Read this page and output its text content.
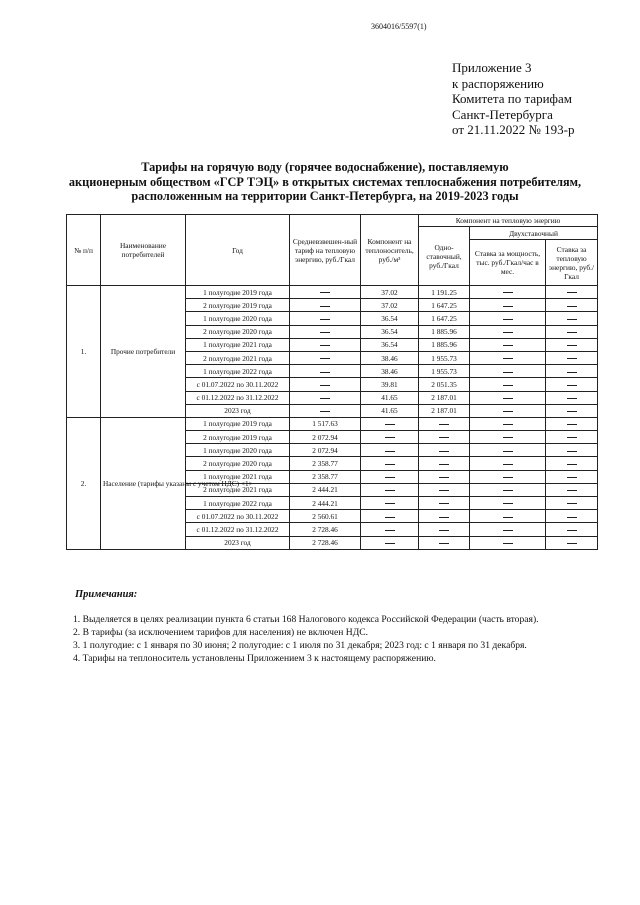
3604016/5597(1)
Приложение 3
к распоряжению
Комитета по тарифам
Санкт-Петербурга
от 21.11.2022 № 193-р
Тарифы на горячую воду (горячее водоснабжение), поставляемую
акционерным обществом «ГСР ТЭЦ» в открытых системах теплоснабжения потребителям,
расположенным на территории Санкт-Петербурга, на 2019-2023 годы
№ п/п	Наименование потребителей	Год	Средневзвешен-ный тариф на тепловую энергию, руб./Гкал	Компонент на теплоноситель, руб./м³	Компонент на тепловую энергию		
					Одно-ставочный, руб./Гкал	Двухставочный	
						Ставка за мощность, тыс. руб./Гкал/час в мес.	Ставка за тепловую энергию, руб./Гкал
1.	Прочие потребители	1 полугодие 2019 года		37.02	1 191.25		
		2 полугодие 2019 года		37.02	1 647.25		
		1 полугодие 2020 года		36.54	1 647.25		
		2 полугодие 2020 года		36.54	1 885.96		
		1 полугодие 2021 года		36.54	1 885.96		
		2 полугодие 2021 года		38.46	1 955.73		
		1 полугодие 2022 года		38.46	1 955.73		
		с 01.07.2022 по 30.11.2022		39.81	2 051.35		
		с 01.12.2022 по 31.12.2022		41.65	2 187.01		
		2023 год		41.65	2 187.01		
2.	Население (тарифы указаны с учетом НДС) <1>	1 полугодие 2019 года	1 517.63				
		2 полугодие 2019 года	2 072.94				
		1 полугодие 2020 года	2 072.94				
		2 полугодие 2020 года	2 358.77				
		1 полугодие 2021 года	2 358.77				
		2 полугодие 2021 года	2 444.21				
		1 полугодие 2022 года	2 444.21				
		с 01.07.2022 по 30.11.2022	2 560.61				
		с 01.12.2022 по 31.12.2022	2 728.46				
		2023 год	2 728.46				
Примечания:
1. Выделяется в целях реализации пункта 6 статьи 168 Налогового кодекса Российской Федерации (часть вторая).
2. В тарифы (за исключением тарифов для населения) не включен НДС.
3. 1 полугодие: с 1 января по 30 июня; 2 полугодие: с 1 июля по 31 декабря; 2023 год: с 1 января по 31 декабря.
4. Тарифы на теплоноситель установлены Приложением 3 к настоящему распоряжению.
